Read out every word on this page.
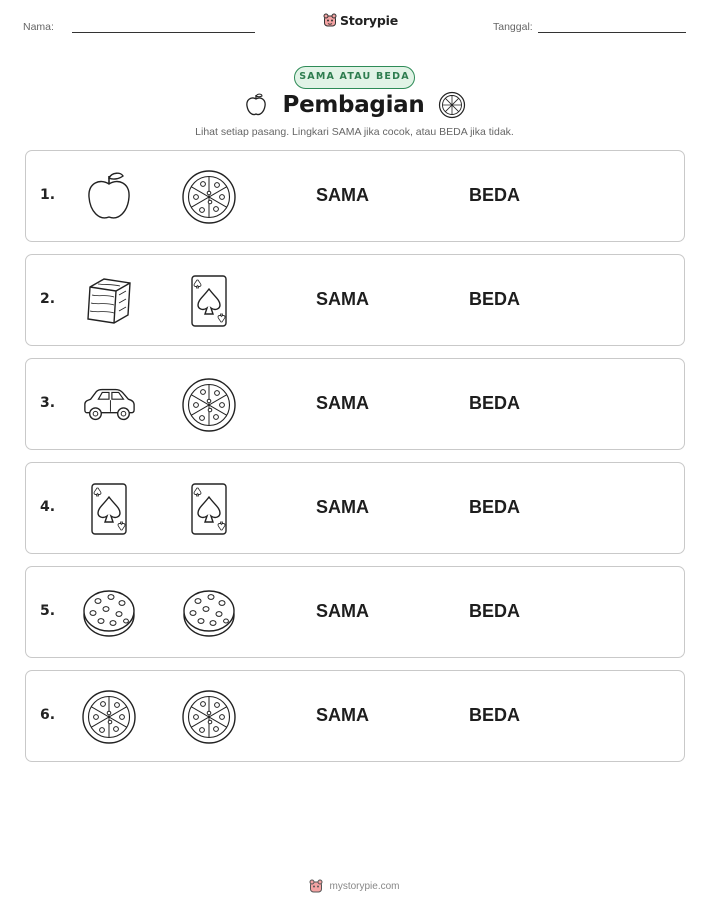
Nama:	Storypie	Tanggal:
SAMA ATAU BEDA
Pembagian
Lihat setiap pasang. Lingkari SAMA jika cocok, atau BEDA jika tidak.
1.	SAMA	BEDA
2.	SAMA	BEDA
3.	SAMA	BEDA
4.	SAMA	BEDA
5.	SAMA	BEDA
6.	SAMA	BEDA
mystorypie.com
